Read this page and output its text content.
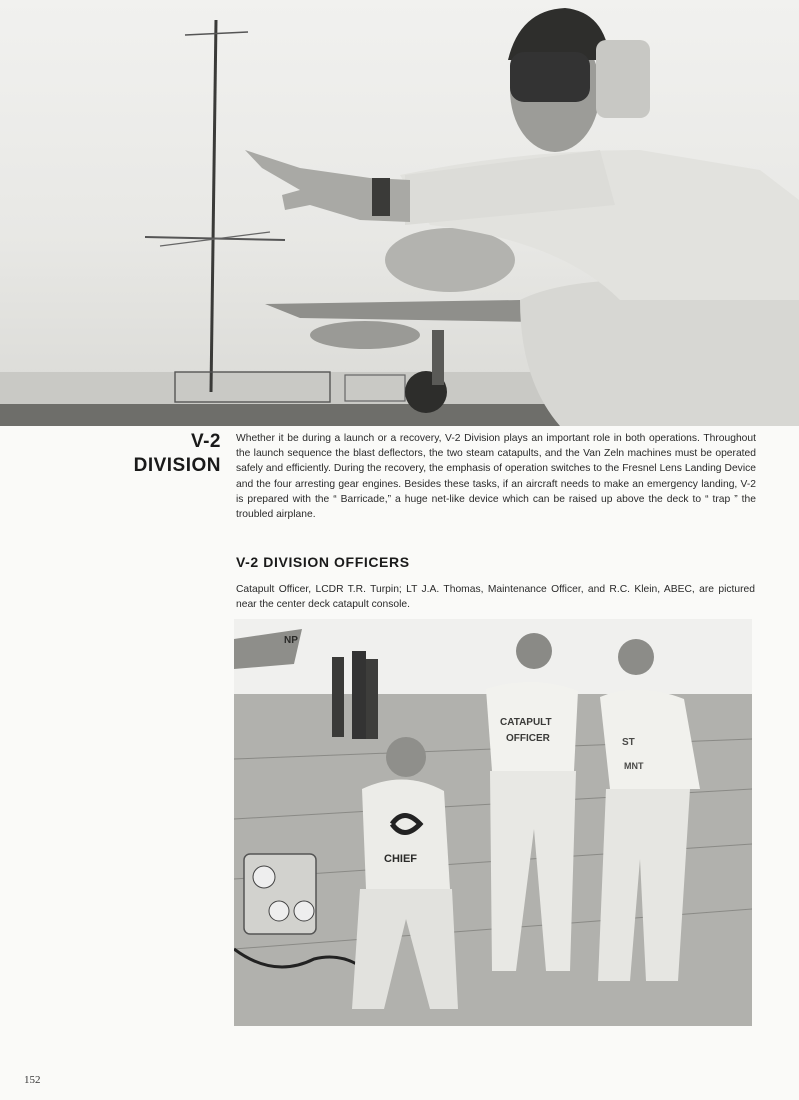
V-2
DIVISION
Whether it be during a launch or a recovery, V-2 Division plays an important role in both operations. Throughout the launch sequence the blast deflectors, the two steam catapults, and the Van Zeln machines must be operated safely and efficiently. During the recovery, the emphasis of operation switches to the Fresnel Lens Landing Device and the four arresting gear engines. Besides these tasks, if an aircraft needs to make an emergency landing, V-2 is prepared with the “ Barricade,” a huge net-like device which can be raised up above the deck to “ trap ” the troubled airplane.
V-2 DIVISION OFFICERS
Catapult Officer, LCDR T.R. Turpin; LT J.A. Thomas, Maintenance Officer, and R.C. Klein, ABEC, are pictured near the center deck catapult console.
NP
CHIEF
CATAPULT
OFFICER	ST
MNT
152
